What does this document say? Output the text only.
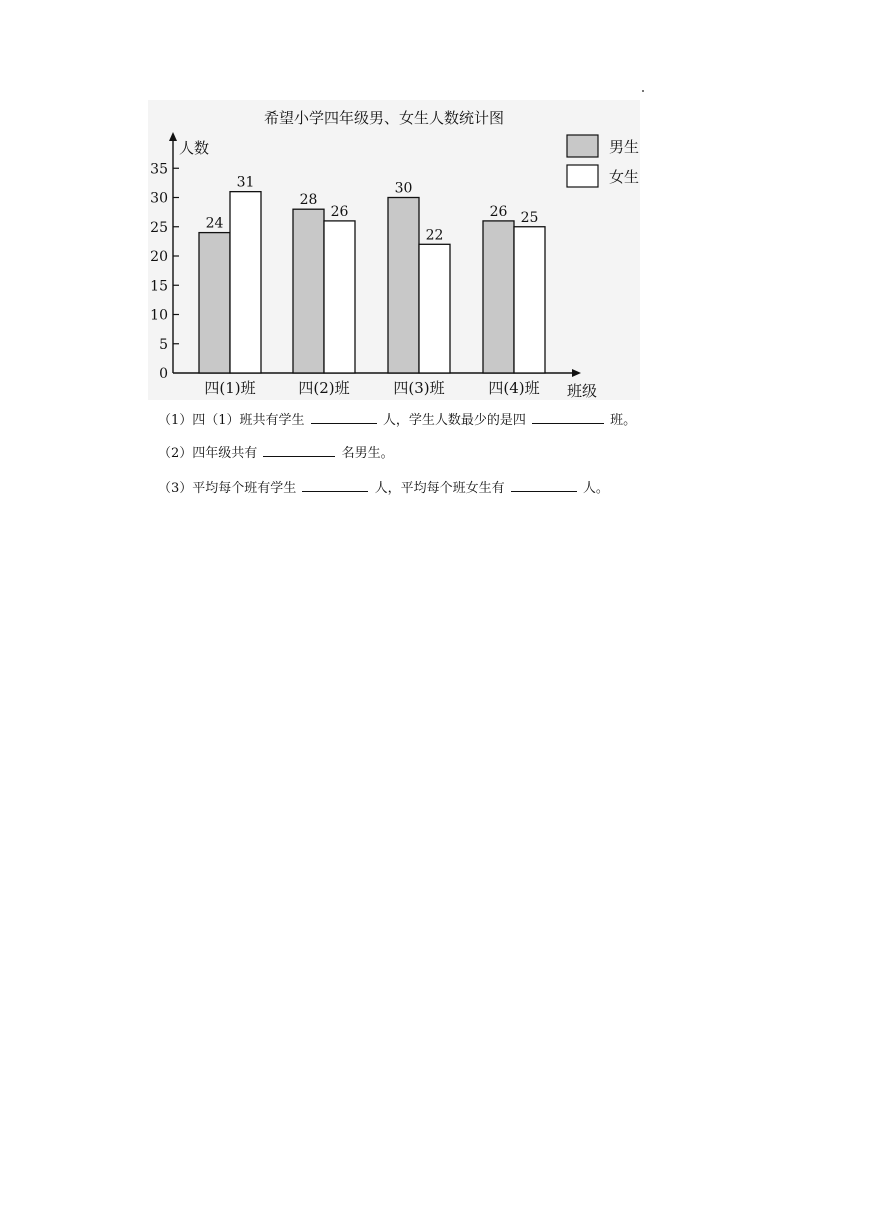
希望小学四年级男、女生人数统计图
人数
班级
0
5
10
15
20
25
30
35
24
31
四(1)班
28
26
四(2)班
30
22
四(3)班
26 25
四(4)班
男生
女生
（1）四（1）班共有学生	人，学生人数最少的是四	班。
（2）四年级共有	名男生。
（3）平均每个班有学生	人，平均每个班女生有	人。
